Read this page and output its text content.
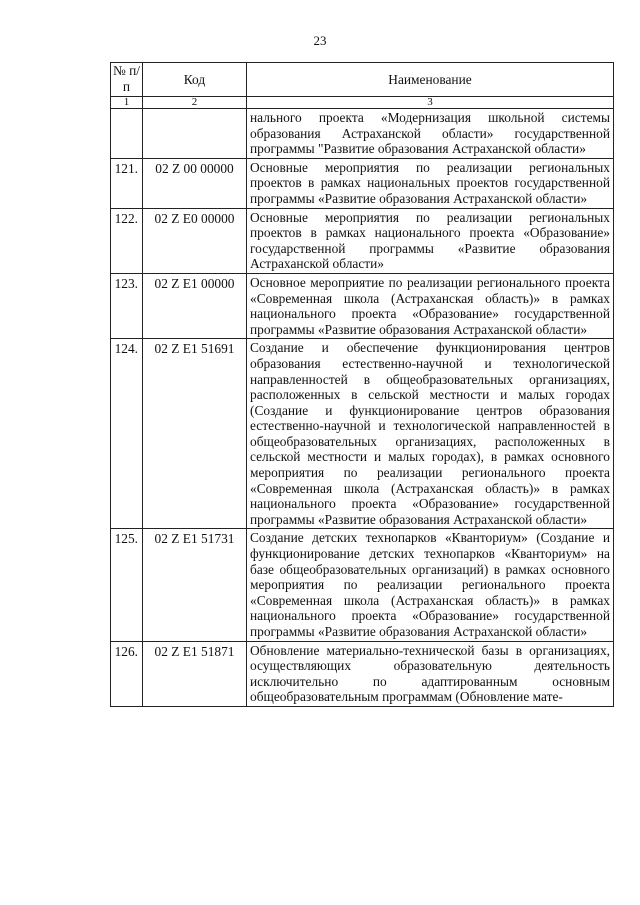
23
№ п/п	Код	Наименование
1	2	3
		нального проекта «Модернизация школьной системы образования Астраханской области» государственной программы "Развитие образования Астраханской области»
121.	02 Z 00 00000	Основные мероприятия по реализации региональных проектов в рамках национальных проектов государственной программы «Развитие образования Астраханской области»
122.	02 Z E0 00000	Основные мероприятия по реализации региональных проектов в рамках национального проекта «Образование» государственной программы «Развитие образования Астраханской области»
123.	02 Z E1 00000	Основное мероприятие по реализации регионального проекта «Современная школа (Астраханская область)» в рамках национального проекта «Образование» государственной программы «Развитие образования Астраханской области»
124.	02 Z E1 51691	Создание и обеспечение функционирования центров образования естественно-научной и технологической направленностей в общеобразовательных организациях, расположенных в сельской местности и малых городах (Создание и функционирование центров образования естественно-научной и технологической направленностей в общеобразовательных организациях, расположенных в сельской местности и малых городах), в рамках основного мероприятия по реализации регионального проекта «Современная школа (Астраханская область)» в рамках национального проекта «Образование» государственной программы «Развитие образования Астраханской области»
125.	02 Z E1 51731	Создание детских технопарков «Кванториум» (Создание и функционирование детских технопарков «Кванториум» на базе общеобразовательных организаций) в рамках основного мероприятия по реализации регионального проекта «Современная школа (Астраханская область)» в рамках национального проекта «Образование» государственной программы «Развитие образования Астраханской области»
126.	02 Z E1 51871	Обновление материально-технической базы в организациях, осуществляющих образовательную деятельность исключительно по адаптированным основным общеобразовательным программам (Обновление мате-
